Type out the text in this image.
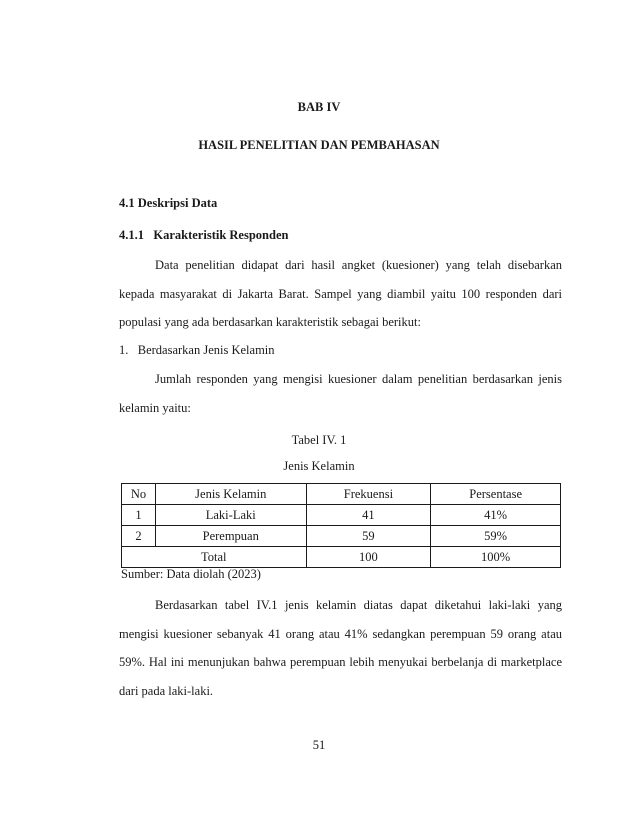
BAB IV
HASIL PENELITIAN DAN PEMBAHASAN
4.1 Deskripsi Data
4.1.1   Karakteristik Responden

Data penelitian didapat dari hasil angket (kuesioner) yang telah disebarkan kepada masyarakat di Jakarta Barat. Sampel yang diambil yaitu 100 responden dari populasi yang ada berdasarkan karakteristik sebagai berikut:

1.   Berdasarkan Jenis Kelamin

Jumlah responden yang mengisi kuesioner dalam penelitian berdasarkan jenis kelamin yaitu:

Tabel IV. 1
Jenis Kelamin
No	Jenis Kelamin	Frekuensi	Persentase
1	Laki-Laki	41	41%
2	Perempuan	59	59%
Total		100	100%
Sumber: Data diolah (2023)

Berdasarkan tabel IV.1 jenis kelamin diatas dapat diketahui laki-laki yang mengisi kuesioner sebanyak 41 orang atau 41% sedangkan perempuan 59 orang atau 59%. Hal ini menunjukan bahwa perempuan lebih menyukai berbelanja di marketplace dari pada laki-laki.

51
